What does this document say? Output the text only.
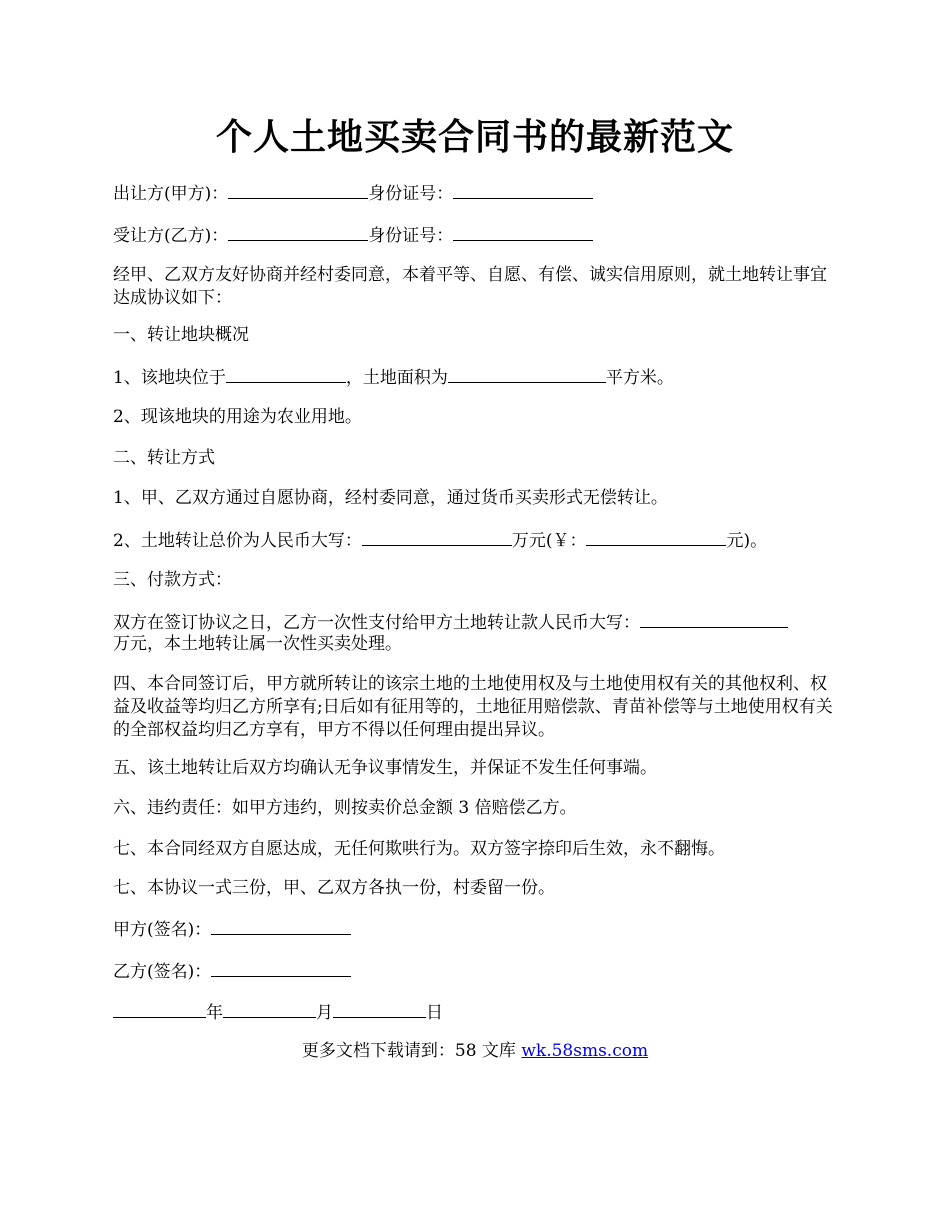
个人土地买卖合同书的最新范文
出让方(甲方)：	身份证号：
受让方(乙方)：	身份证号：
经甲、乙双方友好协商并经村委同意，本着平等、自愿、有偿、诚实信用原则，就土地转让事宜达成协议如下：
一、转让地块概况
1、该地块位于	，土地面积为	平方米。
2、现该地块的用途为农业用地。
二、转让方式
1、甲、乙双方通过自愿协商，经村委同意，通过货币买卖形式无偿转让。
2、土地转让总价为人民币大写：	万元(￥：	元)。
三、付款方式：
双方在签订协议之日，乙方一次性支付给甲方土地转让款人民币大写：
万元，本土地转让属一次性买卖处理。
四、本合同签订后，甲方就所转让的该宗土地的土地使用权及与土地使用权有关的其他权利、权益及收益等均归乙方所享有;日后如有征用等的，土地征用赔偿款、青苗补偿等与土地使用权有关的全部权益均归乙方享有，甲方不得以任何理由提出异议。
五、该土地转让后双方均确认无争议事情发生，并保证不发生任何事端。
六、违约责任：如甲方违约，则按卖价总金额 3 倍赔偿乙方。
七、本合同经双方自愿达成，无任何欺哄行为。双方签字捺印后生效，永不翻悔。
七、本协议一式三份，甲、乙双方各执一份，村委留一份。
甲方(签名)：
乙方(签名)：
年	月	日
更多文档下载请到：58 文库 wk.58sms.com
